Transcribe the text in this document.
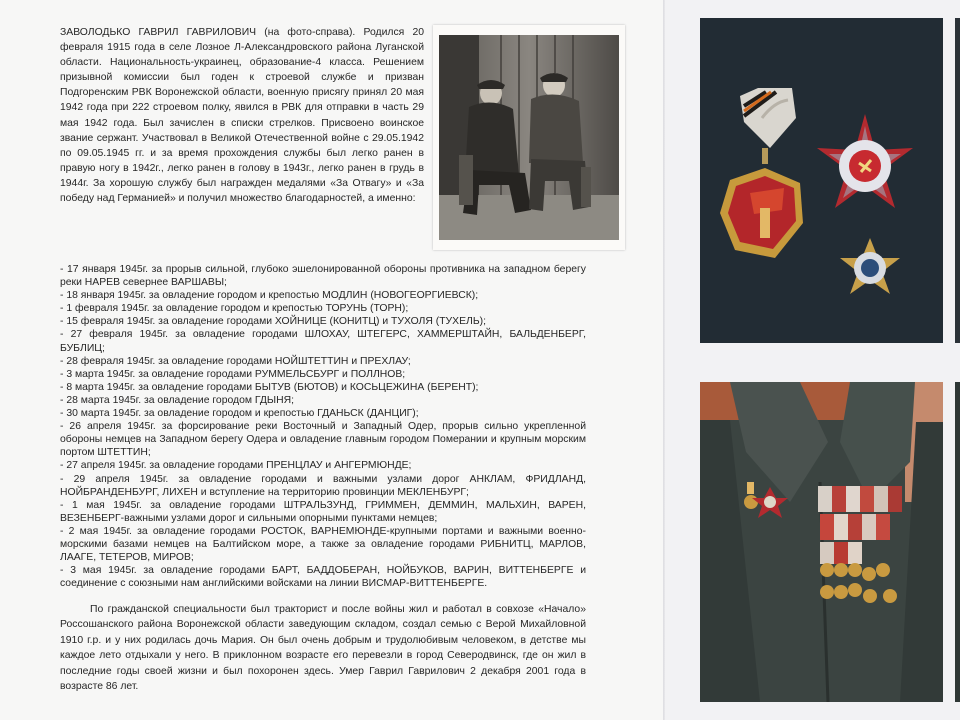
ЗАВОЛОДЬКО ГАВРИЛ ГАВРИЛОВИЧ (на фото-справа). Родился 20 февраля 1915 года в селе Лозное Л-Александровского района Луганской области. Национальность-украинец, образование-4 класса. Решением призывной комиссии был годен к строевой службе и призван Подгоренским РВК Воронежской области, военную присягу принял 20 мая 1942 года при 222 строевом полку, явился в РВК для отправки в часть 29 мая 1942 года. Был зачислен в списки стрелков. Присвоено воинское звание сержант. Участвовал в Великой Отечественной войне с 29.05.1942 по 09.05.1945 гг. и за время прохождения службы был легко ранен в правую ногу в 1942г., легко ранен в голову в 1943г., легко ранен в грудь в 1944г. За хорошую службу был награжден медалями «За Отвагу» и «За победу над Германией» и получил множество благодарностей, а именно:

- 17 января 1945г. за прорыв сильной, глубоко эшелонированной обороны противника на западном берегу реки НАРЕВ севернее ВАРШАВЫ;
- 18 января 1945г. за овладение городом и крепостью МОДЛИН (НОВОГЕОРГИЕВСК);
- 1 февраля 1945г. за овладение городом и крепостью ТОРУНЬ (ТОРН);
- 15 февраля 1945г. за овладение городами ХОЙНИЦЕ (КОНИТЦ) и ТУХОЛЯ (ТУХЕЛЬ);
- 27 февраля 1945г. за овладение городами ШЛОХАУ, ШТЕГЕРС, ХАММЕРШТАЙН, БАЛЬДЕНБЕРГ, БУБЛИЦ;
- 28 февраля 1945г. за овладение городами НОЙШТЕТТИН и ПРЕХЛАУ;
- 3 марта 1945г. за овладение городами РУММЕЛЬСБУРГ и ПОЛЛНОВ;
- 8 марта 1945г. за овладение городами БЫТУВ (БЮТОВ) и КОСЬЦЕЖИНА (БЕРЕНТ);
- 28 марта 1945г. за овладение городом ГДЫНЯ;
- 30 марта 1945г. за овладение городом и крепостью ГДАНЬСК (ДАНЦИГ);
- 26 апреля 1945г. за форсирование реки Восточный и Западный Одер, прорыв сильно укрепленной обороны немцев на Западном берегу Одера и овладение главным городом Померании и крупным морским портом ШТЕТТИН;
- 27 апреля 1945г. за овладение городами ПРЕНЦЛАУ и АНГЕРМЮНДЕ;
- 29 апреля 1945г. за овладение городами и важными узлами дорог АНКЛАМ, ФРИДЛАНД, НОЙБРАНДЕНБУРГ, ЛИХЕН и вступление на территорию провинции МЕКЛЕНБУРГ;
- 1 мая 1945г. за овладение городами ШТРАЛЬЗУНД, ГРИММЕН, ДЕММИН, МАЛЬХИН, ВАРЕН, ВЕЗЕНБЕРГ-важными узлами дорог и сильными опорными пунктами немцев;
- 2 мая 1945г. за овладение городами РОСТОК, ВАРНЕМЮНДЕ-крупными портами и важными военно-морскими базами немцев на Балтийском море, а также за овладение городами РИБНИТЦ, МАРЛОВ, ЛААГЕ, ТЕТЕРОВ, МИРОВ;
- 3 мая 1945г. за овладение городами БАРТ, БАДДОБЕРАН, НОЙБУКОВ, ВАРИН, ВИТТЕНБЕРГЕ и соединение с союзными нам английскими войсками на линии ВИСМАР-ВИТТЕНБЕРГЕ.

По гражданской специальности был тракторист и после войны жил и работал в совхозе «Начало» Россошанского района Воронежской области заведующим складом, создал семью с Верой Михайловной 1910 г.р. и у них родилась дочь Мария. Он был очень добрым и трудолюбивым человеком, в детстве мы каждое лето отдыхали у него. В приклонном возрасте его перевезли в город Северодвинск, где он жил в последние годы своей жизни и был похоронен здесь. Умер Гаврил Гаврилович 2 декабря 2001 года в возрасте 86 лет.
